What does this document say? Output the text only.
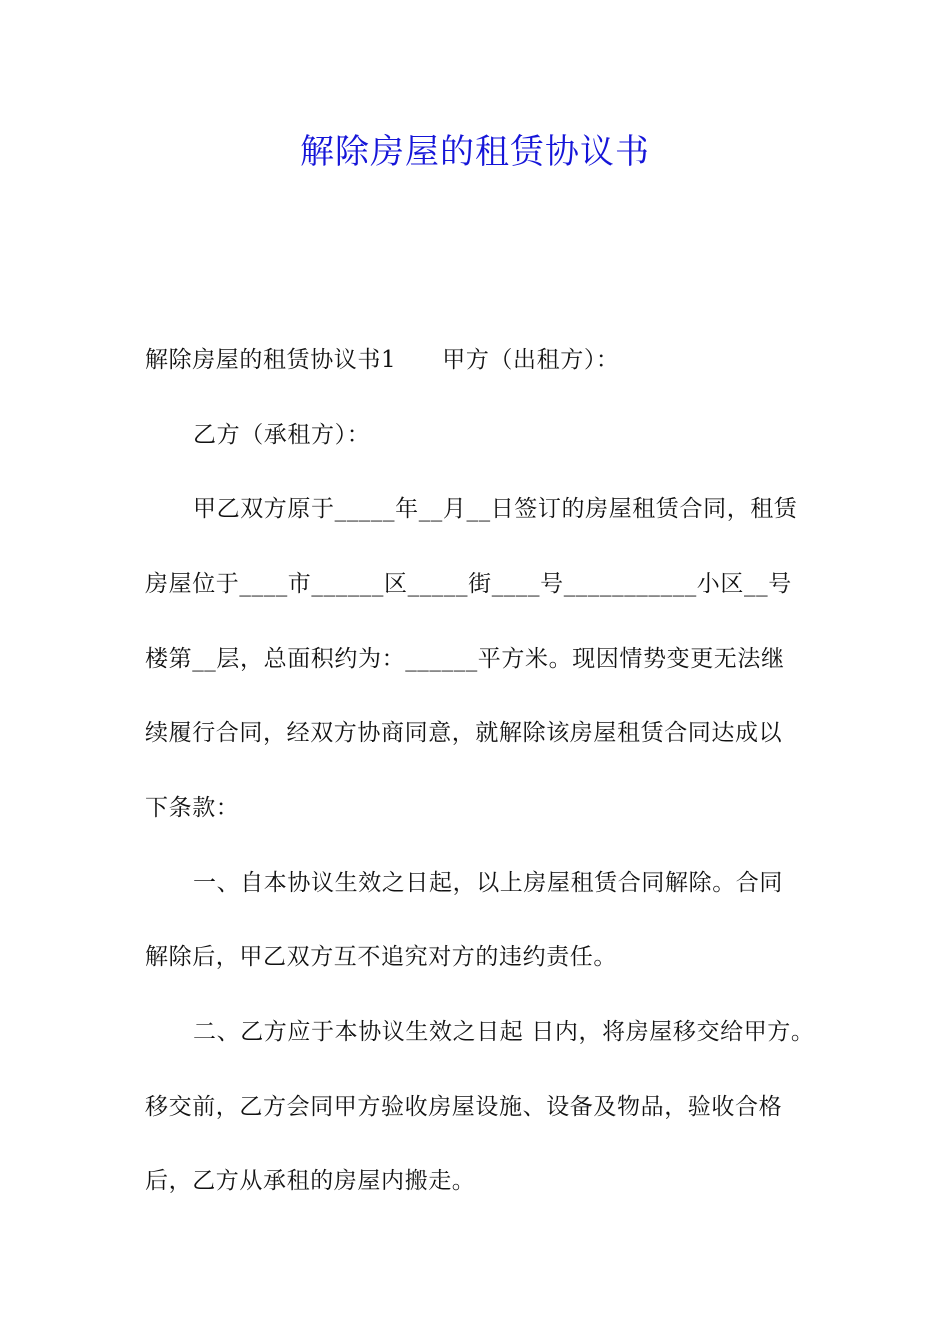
解除房屋的租赁协议书
解除房屋的租赁协议书1 甲方（出租方）：
乙方（承租方）：
甲乙双方原于_____年__月__日签订的房屋租赁合同，租赁
房屋位于____市______区_____街____号___________小区__号
楼第__层，总面积约为：______平方米。现因情势变更无法继
续履行合同，经双方协商同意，就解除该房屋租赁合同达成以
下条款：
一、自本协议生效之日起，以上房屋租赁合同解除。合同
解除后，甲乙双方互不追究对方的违约责任。
二、乙方应于本协议生效之日起 日内，将房屋移交给甲方。
移交前，乙方会同甲方验收房屋设施、设备及物品，验收合格
后，乙方从承租的房屋内搬走。
